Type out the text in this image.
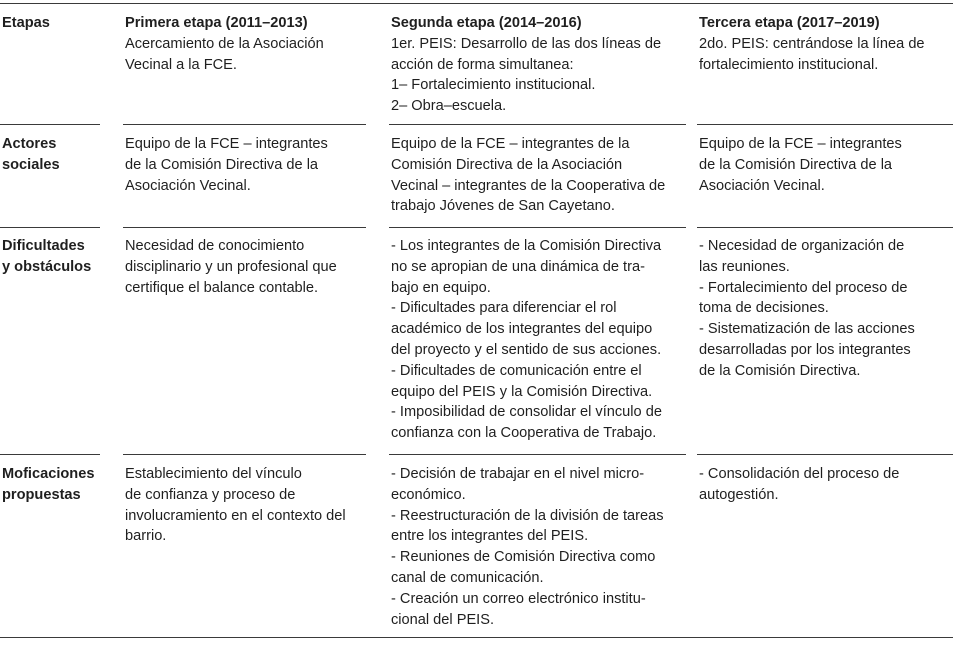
Etapas	Primera etapa (2011–2013)
Acercamiento de la Asociación
Vecinal a la FCE.
Segunda etapa (2014–2016)
1er. PEIS: Desarrollo de las dos líneas de
acción de forma simultanea:
1– Fortalecimiento institucional.
2– Obra–escuela.
Tercera etapa (2017–2019)
2do. PEIS: centrándose la línea de
fortalecimiento institucional.
Actores
sociales
Equipo de la FCE – integrantes
de la Comisión Directiva de la
Asociación Vecinal.
Equipo de la FCE – integrantes de la
Comisión Directiva de la Asociación
Vecinal – integrantes de la Cooperativa de
trabajo Jóvenes de San Cayetano.
Equipo de la FCE – integrantes
de la Comisión Directiva de la
Asociación Vecinal.
Dificultades
y obstáculos
Necesidad de conocimiento
disciplinario y un profesional que
certifique el balance contable.
- Los integrantes de la Comisión Directiva
no se apropian de una dinámica de tra-
bajo en equipo.
- Dificultades para diferenciar el rol
académico de los integrantes del equipo
del proyecto y el sentido de sus acciones.
- Dificultades de comunicación entre el
equipo del PEIS y la Comisión Directiva.
- Imposibilidad de consolidar el vínculo de
confianza con la Cooperativa de Trabajo.
- Necesidad de organización de
las reuniones.
- Fortalecimiento del proceso de
toma de decisiones.
- Sistematización de las acciones
desarrolladas por los integrantes
de la Comisión Directiva.
Moficaciones
propuestas
Establecimiento del vínculo
de confianza y proceso de
involucramiento en el contexto del
barrio.
- Decisión de trabajar en el nivel micro-
económico.
- Reestructuración de la división de tareas
entre los integrantes del PEIS.
- Reuniones de Comisión Directiva como
canal de comunicación.
- Creación un correo electrónico institu-
cional del PEIS.
- Consolidación del proceso de
autogestión.
